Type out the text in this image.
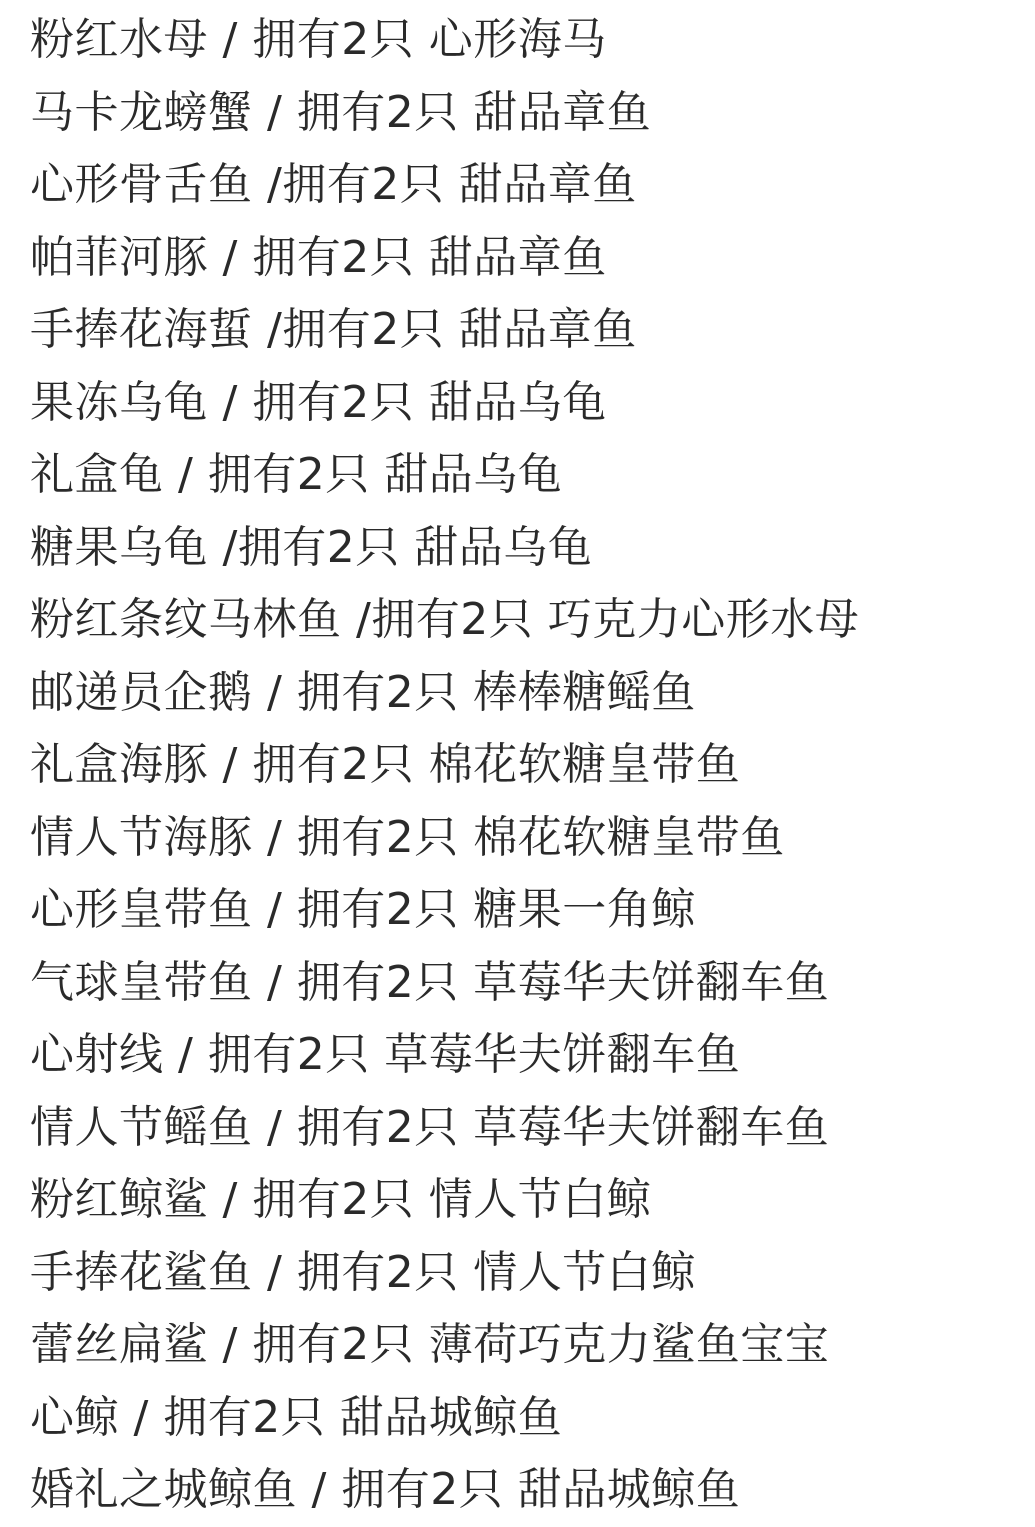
粉红水母 / 拥有2只 心形海马
马卡龙螃蟹 / 拥有2只 甜品章鱼
心形骨舌鱼 /拥有2只 甜品章鱼
帕菲河豚 / 拥有2只 甜品章鱼
手捧花海蜇 /拥有2只 甜品章鱼
果冻乌龟 / 拥有2只 甜品乌龟
礼盒龟 / 拥有2只 甜品乌龟
糖果乌龟 /拥有2只 甜品乌龟
粉红条纹马林鱼 /拥有2只 巧克力心形水母
邮递员企鹅 / 拥有2只 棒棒糖鳐鱼
礼盒海豚 / 拥有2只 棉花软糖皇带鱼
情人节海豚 / 拥有2只 棉花软糖皇带鱼
心形皇带鱼 / 拥有2只 糖果一角鲸
气球皇带鱼 / 拥有2只 草莓华夫饼翻车鱼
心射线 / 拥有2只 草莓华夫饼翻车鱼
情人节鳐鱼 / 拥有2只 草莓华夫饼翻车鱼
粉红鲸鲨 / 拥有2只 情人节白鲸
手捧花鲨鱼 / 拥有2只 情人节白鲸
蕾丝扁鲨 / 拥有2只 薄荷巧克力鲨鱼宝宝
心鲸 / 拥有2只 甜品城鲸鱼
婚礼之城鲸鱼 / 拥有2只 甜品城鲸鱼
